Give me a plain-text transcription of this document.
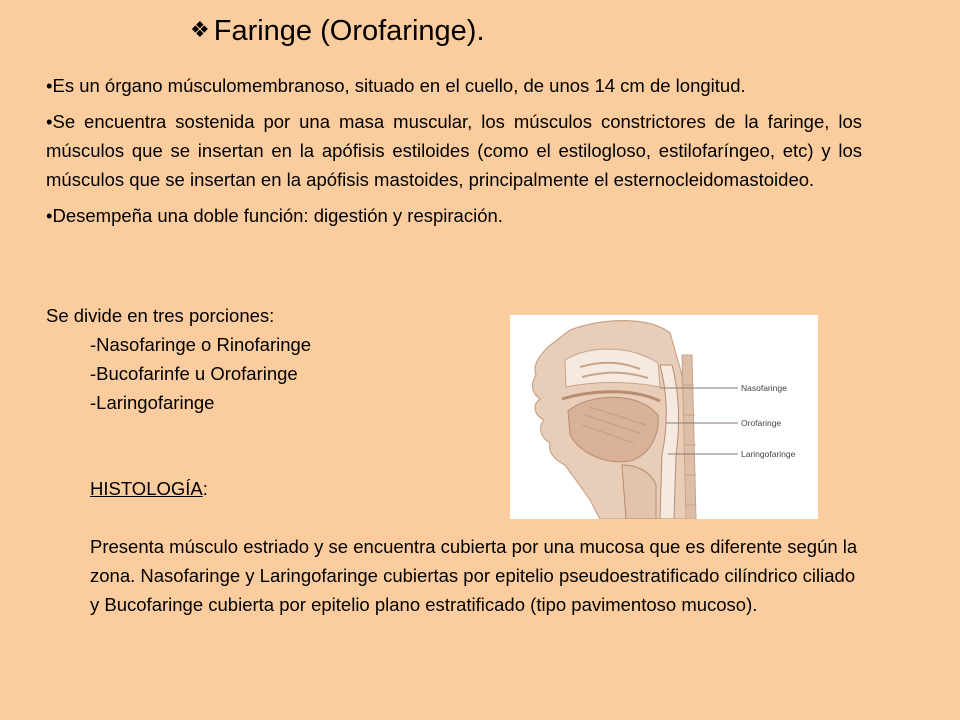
❖ Faringe (Orofaringe).

•Es un órgano músculomembranoso, situado en el cuello, de unos 14 cm de longitud.

•Se encuentra sostenida por una masa muscular, los músculos constrictores de la faringe, los músculos que se insertan en la apófisis estiloides (como el estilogloso, estilofaríngeo, etc) y los músculos que se insertan en la apófisis mastoides, principalmente el esternocleidomastoideo.

•Desempeña una doble función: digestión y respiración.

Se divide en tres porciones:
-Nasofaringe o Rinofaringe
-Bucofarinfe u Orofaringe
-Laringofaringe
HISTOLOGÍA:
Presenta músculo estriado y se encuentra cubierta por una mucosa que es diferente según la zona. Nasofaringe y Laringofaringe cubiertas por epitelio pseudoestratificado cilíndrico ciliado y Bucofaringe cubierta por epitelio plano estratificado (tipo pavimentoso mucoso).
Nasofaringe
Orofaringe
Laringofaringe
